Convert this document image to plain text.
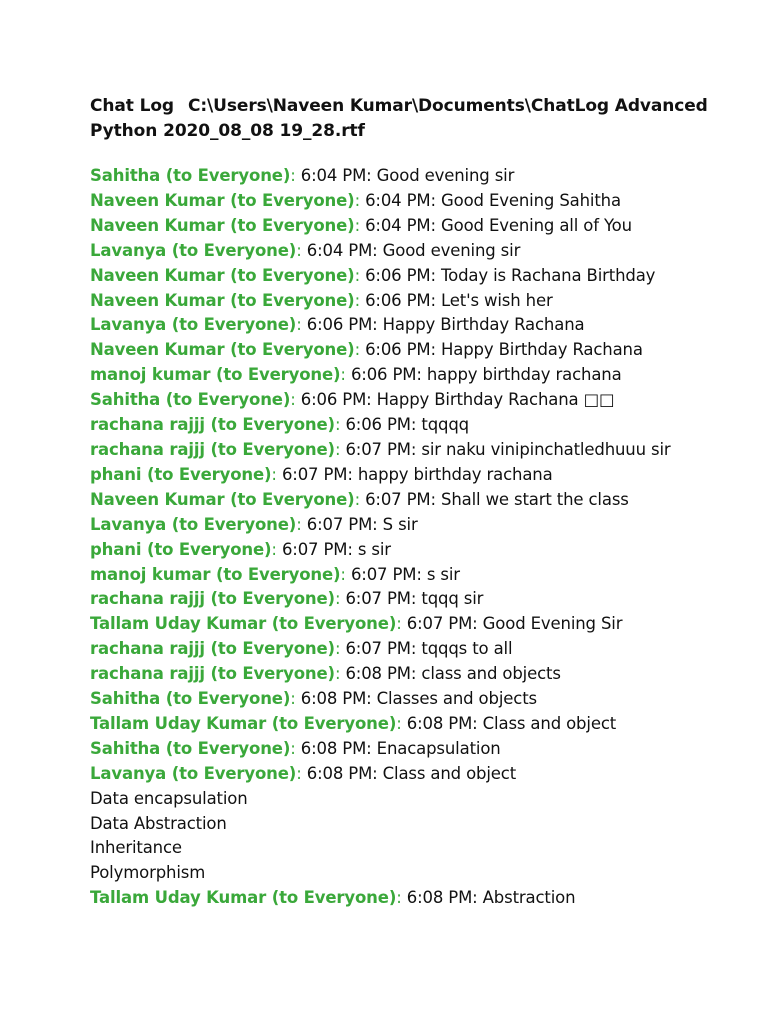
Chat Log C:\Users\Naveen Kumar\Documents\ChatLog Advanced
Python 2020_08_08 19_28.rtf
Sahitha (to Everyone): 6:04 PM: Good evening sir
Naveen Kumar (to Everyone): 6:04 PM: Good Evening Sahitha
Naveen Kumar (to Everyone): 6:04 PM: Good Evening all of You
Lavanya (to Everyone): 6:04 PM: Good evening sir
Naveen Kumar (to Everyone): 6:06 PM: Today is Rachana Birthday
Naveen Kumar (to Everyone): 6:06 PM: Let's wish her
Lavanya (to Everyone): 6:06 PM: Happy Birthday Rachana
Naveen Kumar (to Everyone): 6:06 PM: Happy Birthday Rachana
manoj kumar (to Everyone): 6:06 PM: happy birthday rachana
Sahitha (to Everyone): 6:06 PM: Happy Birthday Rachana □□
rachana rajjj (to Everyone): 6:06 PM: tqqqq
rachana rajjj (to Everyone): 6:07 PM: sir naku vinipinchatledhuuu sir
phani (to Everyone): 6:07 PM: happy birthday rachana
Naveen Kumar (to Everyone): 6:07 PM: Shall we start the class
Lavanya (to Everyone): 6:07 PM: S sir
phani (to Everyone): 6:07 PM: s sir
manoj kumar (to Everyone): 6:07 PM: s sir
rachana rajjj (to Everyone): 6:07 PM: tqqq sir
Tallam Uday Kumar (to Everyone): 6:07 PM: Good Evening Sir
rachana rajjj (to Everyone): 6:07 PM: tqqqs to all
rachana rajjj (to Everyone): 6:08 PM: class and objects
Sahitha (to Everyone): 6:08 PM: Classes and objects
Tallam Uday Kumar (to Everyone): 6:08 PM: Class and object
Sahitha (to Everyone): 6:08 PM: Enacapsulation
Lavanya (to Everyone): 6:08 PM: Class and object
Data encapsulation
Data Abstraction
Inheritance
Polymorphism
Tallam Uday Kumar (to Everyone): 6:08 PM: Abstraction
